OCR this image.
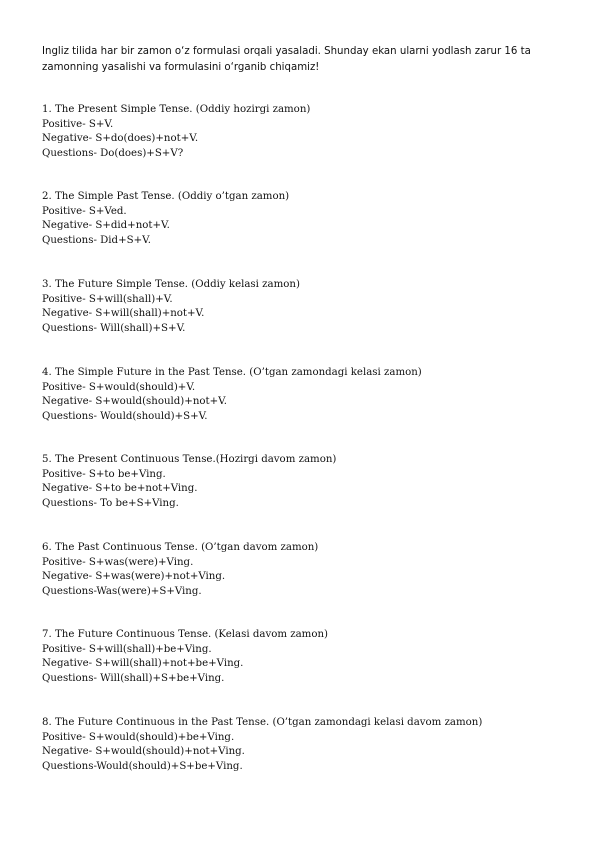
Ingliz tilida har bir zamon o‘z formulasi orqali yasaladi. Shunday ekan ularni yodlash zarur 16 ta zamonning yasalishi va formulasini o‘rganib chiqamiz!
1. The Present Simple Tense. (Oddiy hozirgi zamon)
Positive- S+V.
Negative- S+do(does)+not+V.
Questions- Do(does)+S+V?
2. The Simple Past Tense. (Oddiy o’tgan zamon)
Positive- S+Ved.
Negative- S+did+not+V.
Questions- Did+S+V.
3. The Future Simple Tense. (Oddiy kelasi zamon)
Positive- S+will(shall)+V.
Negative- S+will(shall)+not+V.
Questions- Will(shall)+S+V.
4. The Simple Future in the Past Tense. (O’tgan zamondagi kelasi zamon)
Positive- S+would(should)+V.
Negative- S+would(should)+not+V.
Questions- Would(should)+S+V.
5. The Present Continuous Tense.(Hozirgi davom zamon)
Positive- S+to be+Ving.
Negative- S+to be+not+Ving.
Questions- To be+S+Ving.
6. The Past Continuous Tense. (O’tgan davom zamon)
Positive- S+was(were)+Ving.
Negative- S+was(were)+not+Ving.
Questions-Was(were)+S+Ving.
7. The Future Continuous Tense. (Kelasi davom zamon)
Positive- S+will(shall)+be+Ving.
Negative- S+will(shall)+not+be+Ving.
Questions- Will(shall)+S+be+Ving.
8. The Future Continuous in the Past Tense. (O’tgan zamondagi kelasi davom zamon)
Positive- S+would(should)+be+Ving.
Negative- S+would(should)+not+Ving.
Questions-Would(should)+S+be+Ving.
